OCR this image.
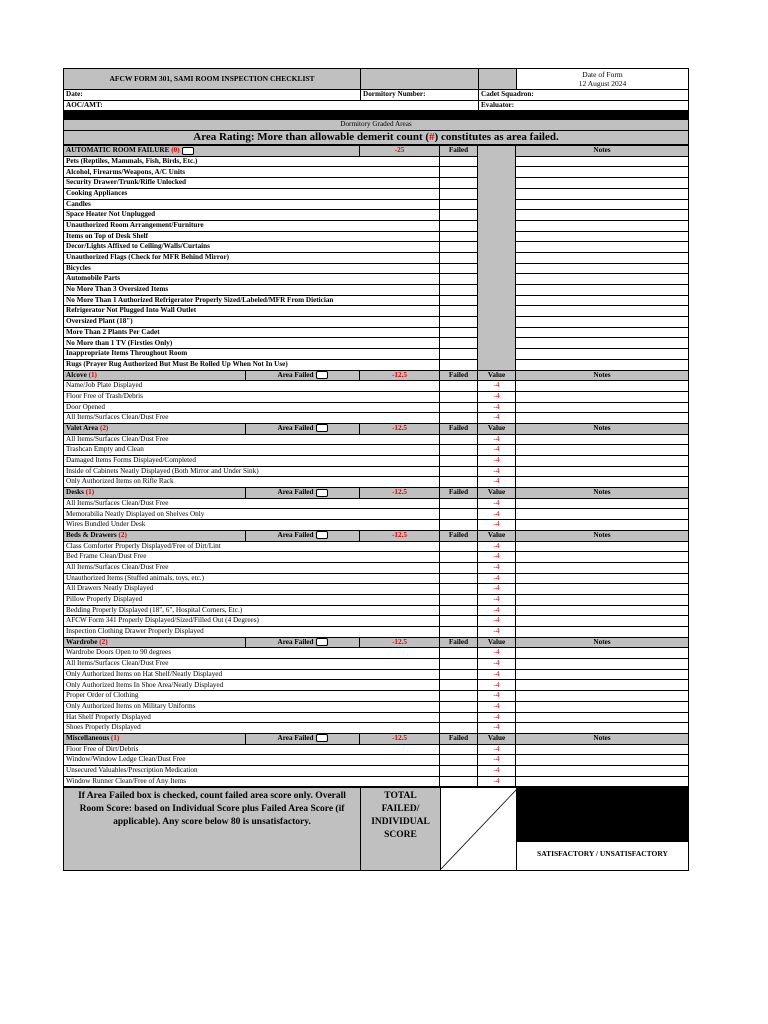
AFCW FORM 301, SAMI ROOM INSPECTION CHECKLIST			Date of Form
12 August 2024

Date:	Dormitory Number:	Cadet Squadron:	
AOC/AMT:		Evaluator:	

Dormitory Graded Areas			
Area Rating: More than allowable demerit count (#) constitutes as area failed.			
AUTOMATIC ROOM FAILURE (0)		-25	Failed		Notes
Pets (Reptiles, Mammals, Fish, Birds, Etc.)					
Alcohol, Firearms/Weapons, A/C Units					
Security Drawer/Trunk/Rifle Unlocked					
Cooking Appliances					
Candles					
Space Heater Not Unplugged					
Unauthorized Room Arrangement/Furniture					
Items on Top of Desk Shelf					
Decor/Lights Affixed to Ceiling/Walls/Curtains					
Unauthorized Flags (Check for MFR Behind Mirror)					
Bicycles					
Automobile Parts					
No More Than 3 Oversized Items					
No More Than 1 Authorized Refrigerator Properly Sized/Labeled/MFR From Dietician					
Refrigerator Not Plugged Into Wall Outlet					
Oversized Plant (18")					
More Than 2 Plants Per Cadet					
No More than 1 TV (Firsties Only)					
Inappropriate Items Throughout Room					
Rugs (Prayer Rug Authorized But Must Be Rolled Up When Not In Use)					
Alcove (1)	Area Failed	-12.5	Failed	Value	Notes
Name/Job Plate Displayed				-4	
Floor Free of Trash/Debris				-4	
Door Opened				-4	
All Items/Surfaces Clean/Dust Free				-4	
Valet Area (2)	Area Failed	-12.5	Failed	Value	Notes
All Items/Surfaces Clean/Dust Free				-4	
Trashcan Empty and Clean				-4	
Damaged Items Forms Displayed/Completed				-4	
Inside of Cabinets Neatly Displayed (Both Mirror and Under Sink)				-4	
Only Authorized Items on Rifle Rack				-4	
Desks (1)	Area Failed	-12.5	Failed	Value	Notes
All Items/Surfaces Clean/Dust Free				-4	
Memorabilia Neatly Displayed on Shelves Only				-4	
Wires Bundled Under Desk				-4	
Beds & Drawers (2)	Area Failed	-12.5	Failed	Value	Notes
Class Comforter Properly Displayed/Free of Dirt/Lint				-4	
Bed Frame Clean/Dust Free				-4	
All Items/Surfaces Clean/Dust Free				-4	
Unauthorized Items (Stuffed animals, toys, etc.)				-4	
All Drawers Neatly Displayed				-4	
Pillow Properly Displayed				-4	
Bedding Properly Displayed (18", 6", Hospital Corners, Etc.)				-4	
AFCW Form 341 Properly Displayed/Sized/Filled Out (4 Degrees)				-4	
Inspection Clothing Drawer Properly Displayed				-4	
Wardrobe (2)	Area Failed	-12.5	Failed	Value	Notes
Wardrobe Doors Open to 90 degrees				-4	
All Items/Surfaces Clean/Dust Free				-4	
Only Authorized Items on Hat Shelf/Neatly Displayed				-4	
Only Authorized Items In Shoe Area/Neatly Displayed				-4	
Proper Order of Clothing				-4	
Only Authorized Items on Military Uniforms				-4	
Hat Shelf Properly Displayed				-4	
Shoes Properly Displayed				-4	
Miscellaneous (1)	Area Failed	-12.5	Failed	Value	Notes
Floor Free of Dirt/Debris				-4	
Window/Window Ledge Clean/Dust Free				-4	
Unsecured Valuables/Prescription Medication				-4	
Window Runner Clean/Free of Any Items				-4	
If Area Failed box is checked, count failed area score only. Overall Room Score: based on Individual Score plus Failed Area Score (if applicable). Any score below 80 is unsatisfactory.	TOTAL FAILED/ INDIVIDUAL SCORE	

SATISFACTORY / UNSATISFACTORY
